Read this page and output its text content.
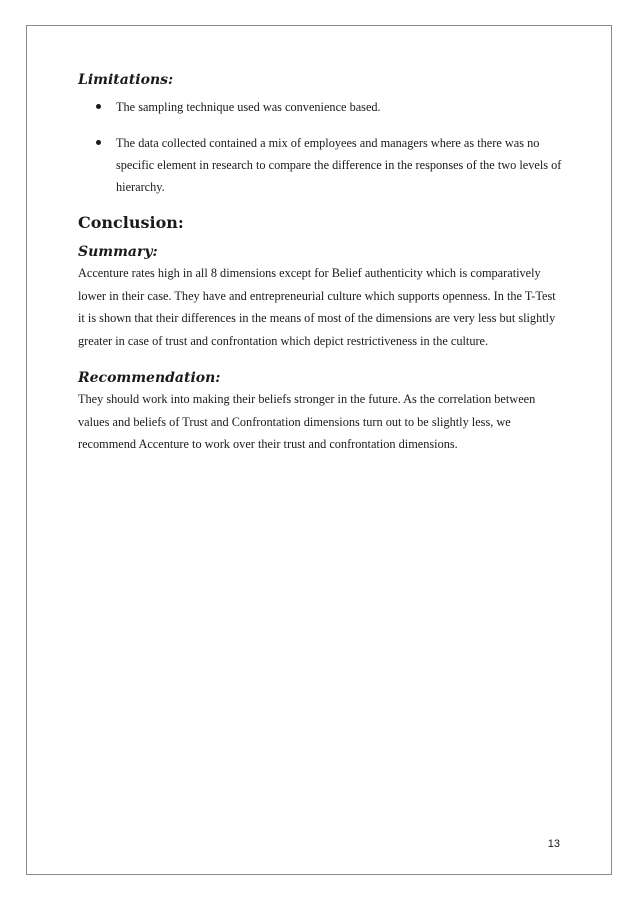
Limitations:
The sampling technique used was convenience based.
The data collected contained a mix of employees and managers where as there was no specific element in research to compare the difference in the responses of the two levels of hierarchy.
Conclusion:
Summary:

Accenture rates high in all 8 dimensions except for Belief authenticity which is comparatively lower in their case. They have and entrepreneurial culture which supports openness. In the T-Test it is shown that their differences in the means of most of the dimensions are very less but slightly greater in case of trust and confrontation which depict restrictiveness in the culture.

Recommendation:

They should work into making their beliefs stronger in the future. As the correlation between values and beliefs of Trust and Confrontation dimensions turn out to be slightly less, we recommend Accenture to work over their trust and confrontation dimensions.

13
